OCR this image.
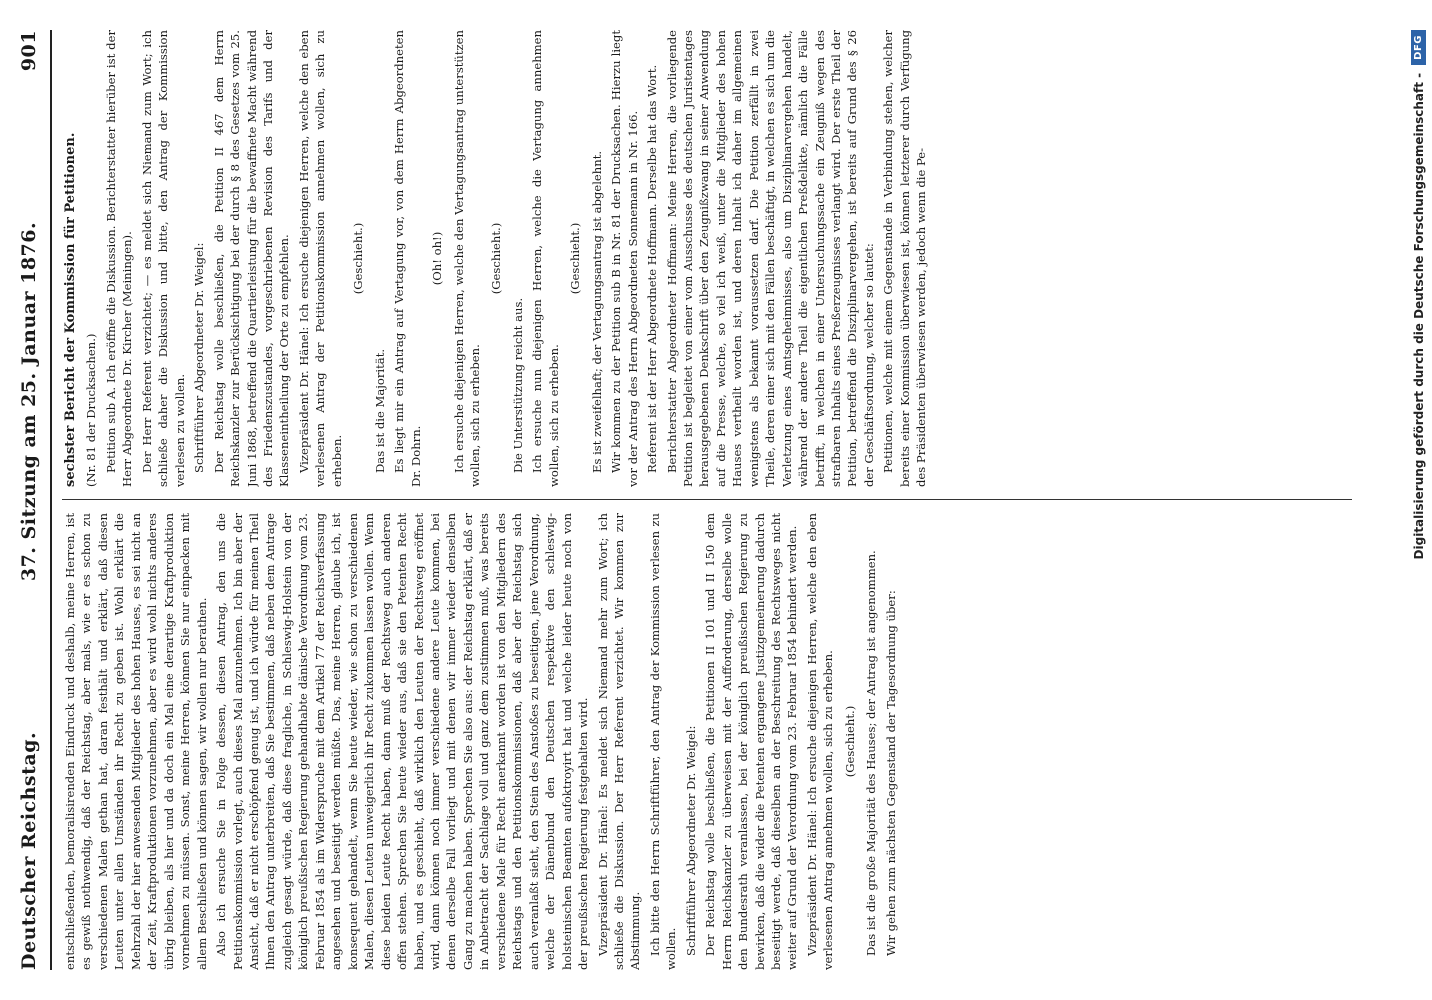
Deutscher Reichstag.
37. Sitzung am 25. Januar 1876.
901

entschließenden, bemoralisirenden Eindruck und deshalb, meine Herren, ist es gewiß nothwendig, daß der Reichstag, aber mals, wie er es schon zu verschiedenen Malen gethan hat, daran festhält und erklärt, daß diesen Leuten unter allen Umständen ihr Recht zu geben ist. Wohl erklärt die Mehrzahl der hier anwesenden Mitglieder des hohen Hauses, es sei nicht an der Zeit, Kraftproduktionen vorzunehmen, aber es wird wohl nichts anderes übrig bleiben, als hier und da doch ein Mal eine derartige Kraftproduktion vornehmen zu müssen. Sonst, meine Herren, können Sie nur einpacken mit allem Beschließen und können sagen, wir wollen nur berathen. Also ich ersuche Sie in Folge dessen, diesen Antrag, den uns die Petitionskommission vorlegt, auch dieses Mal anzunehmen. Ich bin aber der Ansicht, daß er nicht erschöpfend genug ist, und ich würde für meinen Theil Ihnen den Antrag unterbreiten, daß Sie bestimmen, daß neben dem Antrage zugleich gesagt würde, daß diese fragliche, in Schleswig-Holstein von der königlich preußischen Regierung gehandhabte dänische Verordnung vom 23. Februar 1854 als im Widerspruche mit dem Artikel 77 der Reichsverfassung angesehen und beseitigt werden müßte. Das, meine Herren, glaube ich, ist konsequent gehandelt, wenn Sie heute wieder, wie schon zu verschiedenen Malen, diesen Leuten unweigerlich ihr Recht zukommen lassen wollen. Wenn diese beiden Leute Recht haben, dann muß der Rechtsweg auch anderen offen stehen. Sprechen Sie heute wieder aus, daß sie den Petenten Recht haben, und es geschieht, daß wirklich den Leuten der Rechtsweg eröffnet wird, dann können noch immer verschiedene andere Leute kommen, bei denen derselbe Fall vorliegt und mit denen wir immer wieder denselben Gang zu machen haben. Sprechen Sie also aus: der Reichstag erklärt, daß er in Anbetracht der Sachlage voll und ganz dem zustimmen muß, was bereits verschiedene Male für Recht anerkannt worden ist von den Mitgliedern des Reichstags und den Petitionskommissionen, daß aber der Reichstag sich auch veranlaßt sieht, den Stein des Anstoßes zu beseitigen, jene Verordnung, welche der Dänenbund den Deutschen respektive den schleswig-holsteinischen Beamten aufoktroyirt hat und welche leider heute noch von der preußischen Regierung festgehalten wird. Vizepräsident Dr. Hänel: Es meldet sich Niemand mehr zum Wort; ich schließe die Diskussion. Der Herr Referent verzichtet. Wir kommen zur Abstimmung. Ich bitte den Herrn Schriftführer, den Antrag der Kommission verlesen zu wollen. Schriftführer Abgeordneter Dr. Weigel: Der Reichstag wolle beschließen, die Petitionen II 101 und II 150 dem Herrn Reichskanzler zu überweisen mit der Aufforderung, derselbe wolle den Bundesrath veranlassen, bei der königlich preußischen Regierung zu bewirken, daß die wider die Petenten ergangene Justizgemeinerung dadurch beseitigt werde, daß dieselben an der Beschreitung des Rechtsweges nicht weiter auf Grund der Verordnung vom 23. Februar 1854 behindert werden. Vizepräsident Dr. Hänel: Ich ersuche diejenigen Herren, welche den eben verlesenen Antrag annehmen wollen, sich zu erheben. (Geschieht.) Das ist die große Majorität des Hauses; der Antrag ist angenommen. Wir gehen zum nächsten Gegenstand der Tagesordnung über:

sechster Bericht der Kommission für Petitionen. (Nr. 81 der Drucksachen.) Petition sub A. Ich eröffne die Diskussion. Berichterstatter hierüber ist der Herr Abgeordnete Dr. Kircher (Meiningen). Der Herr Referent verzichtet; — es meldet sich Niemand zum Wort; ich schließe daher die Diskussion und bitte, den Antrag der Kommission verlesen zu wollen. Schriftführer Abgeordneter Dr. Weigel: Der Reichstag wolle beschließen, die Petition II 467 dem Herrn Reichskanzler zur Berücksichtigung bei der durch § 8 des Gesetzes vom 25. Juni 1868, betreffend die Quartierleistung für die bewaffnete Macht während des Friedenszustandes, vorgeschriebenen Revision des Tarifs und der Klasseneintheilung der Orte zu empfehlen. Vizepräsident Dr. Hänel: Ich ersuche diejenigen Herren, welche den eben verlesenen Antrag der Petitionskommission annehmen wollen, sich zu erheben.

(Geschieht.)

Das ist die Majorität. Es liegt mir ein Antrag auf Vertagung vor, von dem Herrn Abgeordneten Dr. Dohrn.

(Oh! oh!) Ich ersuche diejenigen Herren, welche den Vertagungsantrag unterstützen wollen, sich zu erheben.

(Geschieht.)

Die Unterstützung reicht aus. Ich ersuche nun diejenigen Herren, welche die Vertagung annehmen wollen, sich zu erheben.

(Geschieht.) Es ist zweifelhaft; der Vertagungsantrag ist abgelehnt. Wir kommen zu der Petition sub B in Nr. 81 der Drucksachen. Hierzu liegt vor der Antrag des Herrn Abgeordneten Sonnemann in Nr. 166. Referent ist der Herr Abgeordnete Hoffmann. Derselbe hat das Wort. Berichterstatter Abgeordneter Hoffmann: Meine Herren, die vorliegende Petition ist begleitet von einer vom Ausschusse des deutschen Juristentages herausgegebenen Denkschrift über den Zeugnißzwang in seiner Anwendung auf die Presse, welche, so viel ich weiß, unter die Mitglieder des hohen Hauses vertheilt worden ist, und deren Inhalt ich daher im allgemeinen wenigstens als bekannt voraussetzen darf. Die Petition zerfällt in zwei Theile, deren einer sich mit den Fällen beschäftigt, in welchen es sich um die Verletzung eines Amtsgeheimnisses, also um Disziplinarvergehen handelt, während der andere Theil die eigentlichen Preßdelikte, nämlich die Fälle betrifft, in welchen in einer Untersuchungssache ein Zeugniß wegen des strafbaren Inhalts eines Preßerzeugnisses verlangt wird. Der erste Theil der Petition, betreffend die Disziplinarvergehen, ist bereits auf Grund des § 26 der Geschäftsordnung, welcher so lautet: Petitionen, welche mit einem Gegenstande in Verbindung stehen, welcher bereits einer Kommission überwiesen ist, können letzterer durch Verfügung des Präsidenten überwiesen werden, jedoch wenn die Pe-	Digitalisierung gefördert durch die Deutsche Forschungsgemeinschaft -
DFG
